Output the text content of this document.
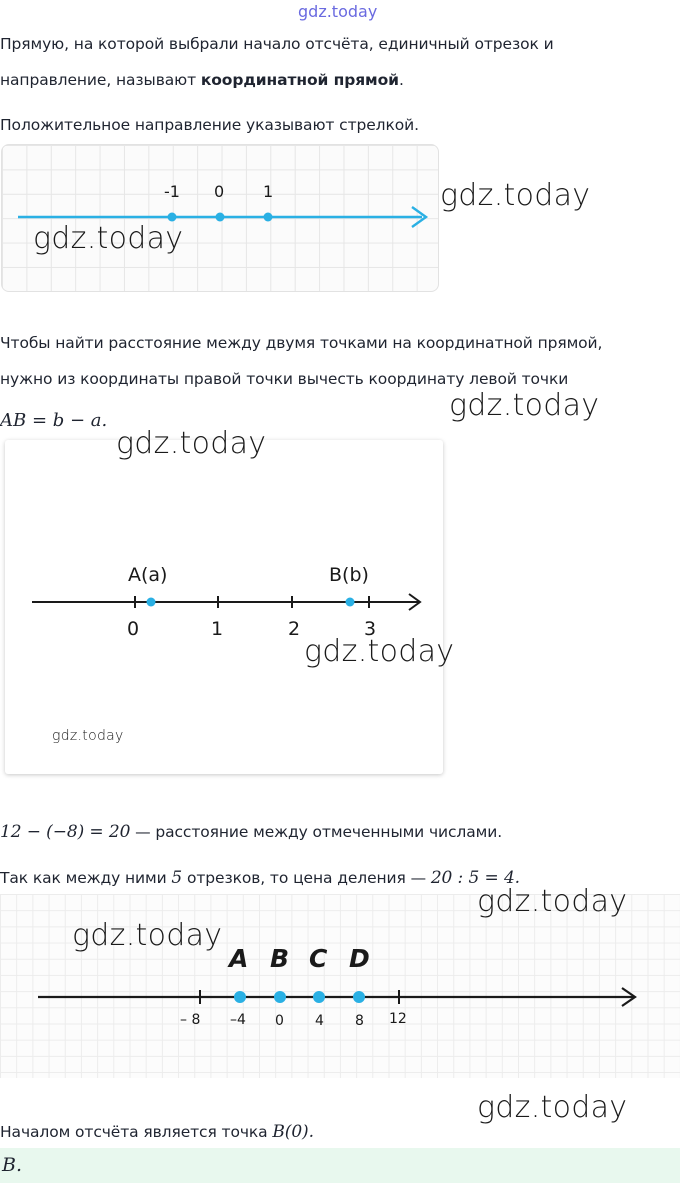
gdz.today
Прямую, на которой выбрали начало отсчёта, единичный отрезок и
направление, называют координатной прямой.
Положительное направление указывают стрелкой.
-1 0 1
gdz.today
gdz.today
Чтобы найти расстояние между двумя точками на координатной прямой,
нужно из координаты правой точки вычесть координату левой точки
AB = b − a.	gdz.today
A(a)	B(b)
0	1	2	3
gdz.today
gdz.today
gdz.today
12 − (−8) = 20 — расстояние между отмеченными числами.
Так как между ними 5 отрезков, то цена деления — 20 : 5 = 4.
A B C D
– 8 –4 0 4 8 12
gdz.today
gdz.today
Началом отсчёта является точка B(0).
gdz.today
B.
